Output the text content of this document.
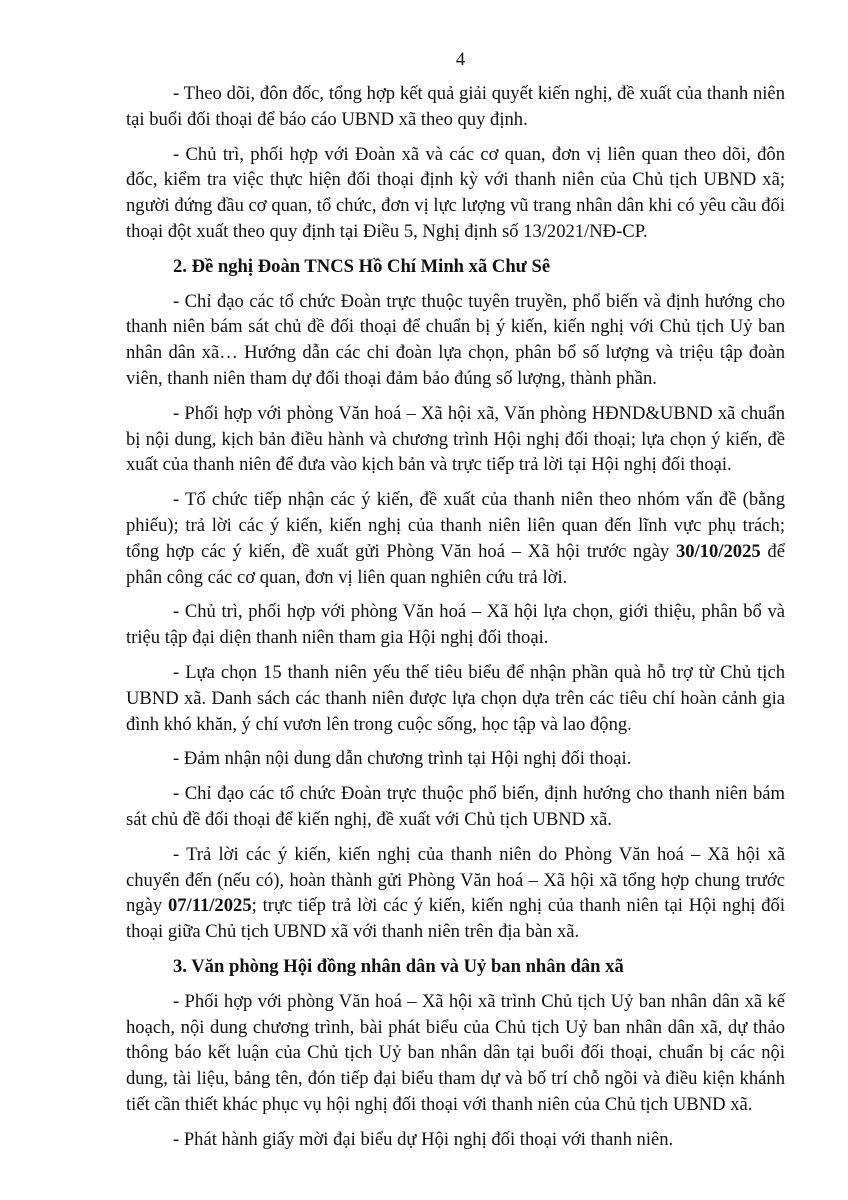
4

- Theo dõi, đôn đốc, tổng hợp kết quả giải quyết kiến nghị, đề xuất của thanh niên tại buổi đối thoại để báo cáo UBND xã theo quy định.

- Chủ trì, phối hợp với Đoàn xã và các cơ quan, đơn vị liên quan theo dõi, đôn đốc, kiểm tra việc thực hiện đối thoại định kỳ với thanh niên của Chủ tịch UBND xã; người đứng đầu cơ quan, tổ chức, đơn vị lực lượng vũ trang nhân dân khi có yêu cầu đối thoại đột xuất theo quy định tại Điều 5, Nghị định số 13/2021/NĐ-CP.

2. Đề nghị Đoàn TNCS Hồ Chí Minh xã Chư Sê

- Chỉ đạo các tổ chức Đoàn trực thuộc tuyên truyền, phổ biến và định hướng cho thanh niên bám sát chủ đề đối thoại để chuẩn bị ý kiến, kiến nghị với Chủ tịch Uỷ ban nhân dân xã… Hướng dẫn các chi đoàn lựa chọn, phân bổ số lượng và triệu tập đoàn viên, thanh niên tham dự đối thoại đảm bảo đúng số lượng, thành phần.

- Phối hợp với phòng Văn hoá – Xã hội xã, Văn phòng HĐND&UBND xã chuẩn bị nội dung, kịch bản điều hành và chương trình Hội nghị đối thoại; lựa chọn ý kiến, đề xuất của thanh niên để đưa vào kịch bản và trực tiếp trả lời tại Hội nghị đối thoại.

- Tổ chức tiếp nhận các ý kiến, đề xuất của thanh niên theo nhóm vấn đề (bằng phiếu); trả lời các ý kiến, kiến nghị của thanh niên liên quan đến lĩnh vực phụ trách; tổng hợp các ý kiến, đề xuất gửi Phòng Văn hoá – Xã hội trước ngày 30/10/2025 để phân công các cơ quan, đơn vị liên quan nghiên cứu trả lời.

- Chủ trì, phối hợp với phòng Văn hoá – Xã hội lựa chọn, giới thiệu, phân bổ và triệu tập đại diện thanh niên tham gia Hội nghị đối thoại.

- Lựa chọn 15 thanh niên yếu thế tiêu biểu để nhận phần quà hỗ trợ từ Chủ tịch UBND xã. Danh sách các thanh niên được lựa chọn dựa trên các tiêu chí hoàn cảnh gia đình khó khăn, ý chí vươn lên trong cuộc sống, học tập và lao động.

- Đảm nhận nội dung dẫn chương trình tại Hội nghị đối thoại.

- Chỉ đạo các tổ chức Đoàn trực thuộc phổ biến, định hướng cho thanh niên bám sát chủ đề đối thoại để kiến nghị, đề xuất với Chủ tịch UBND xã.

- Trả lời các ý kiến, kiến nghị của thanh niên do Phòng Văn hoá – Xã hội xã chuyển đến (nếu có), hoàn thành gửi Phòng Văn hoá – Xã hội xã tổng hợp chung trước ngày 07/11/2025; trực tiếp trả lời các ý kiến, kiến nghị của thanh niên tại Hội nghị đối thoại giữa Chủ tịch UBND xã với thanh niên trên địa bàn xã.

3. Văn phòng Hội đồng nhân dân và Uỷ ban nhân dân xã

- Phối hợp với phòng Văn hoá – Xã hội xã trình Chủ tịch Uỷ ban nhân dân xã kế hoạch, nội dung chương trình, bài phát biểu của Chủ tịch Uỷ ban nhân dân xã, dự thảo thông báo kết luận của Chủ tịch Uỷ ban nhân dân tại buổi đối thoại, chuẩn bị các nội dung, tài liệu, bảng tên, đón tiếp đại biểu tham dự và bố trí chỗ ngồi và điều kiện khánh tiết cần thiết khác phục vụ hội nghị đối thoại với thanh niên của Chủ tịch UBND xã.

- Phát hành giấy mời đại biểu dự Hội nghị đối thoại với thanh niên.
